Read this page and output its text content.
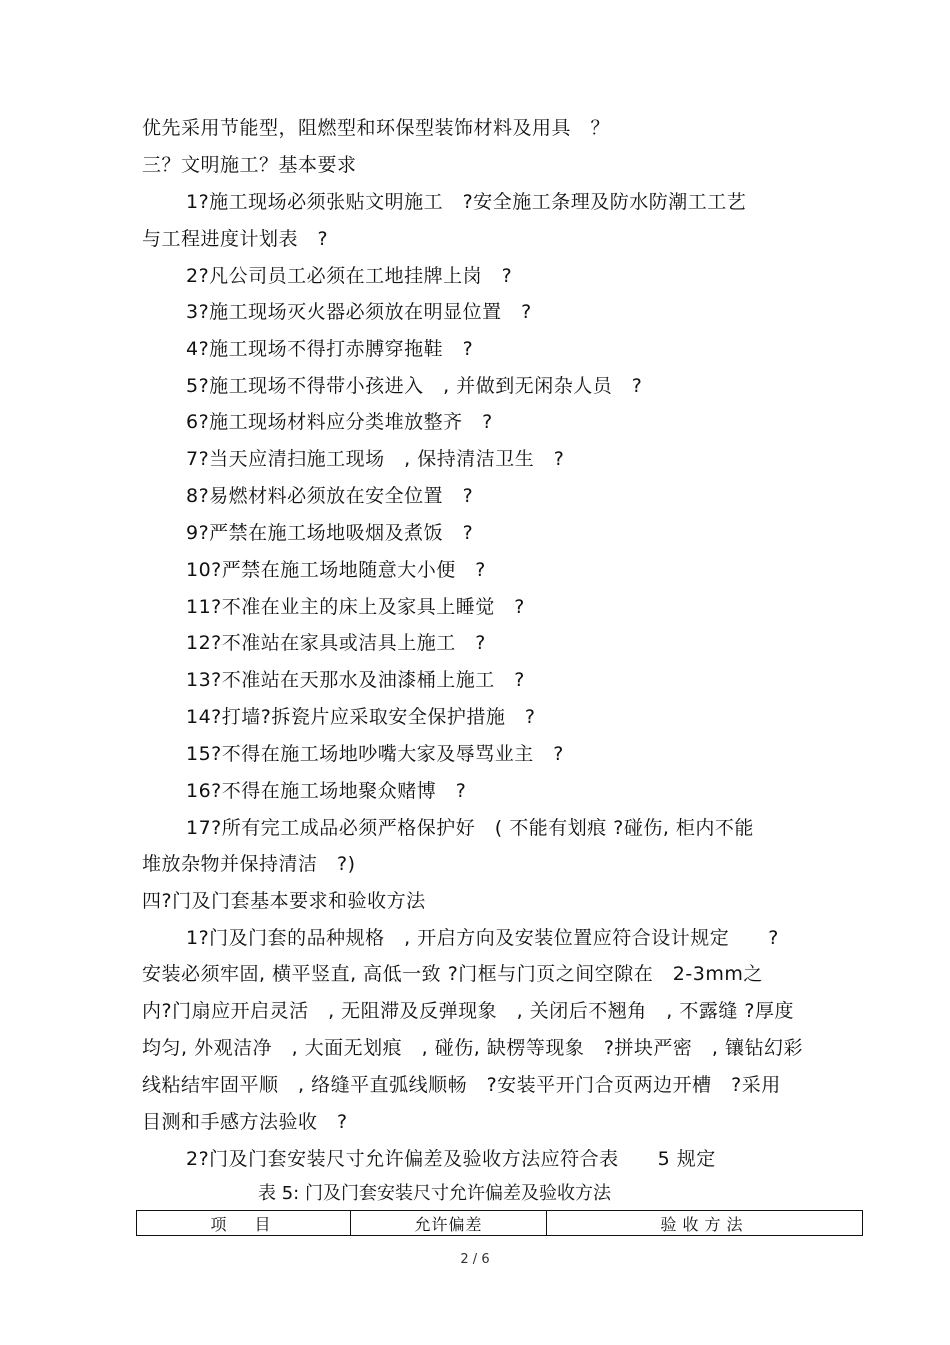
优先采用节能型，阻燃型和环保型装饰材料及用具　？
三？文明施工？基本要求
1?施工现场必须张贴文明施工　?安全施工条理及防水防潮工工艺
与工程进度计划表　?
2?凡公司员工必须在工地挂牌上岗　?
3?施工现场灭火器必须放在明显位置　?
4?施工现场不得打赤膊穿拖鞋　?
5?施工现场不得带小孩进入　, 并做到无闲杂人员　?
6?施工现场材料应分类堆放整齐　?
7?当天应清扫施工现场　, 保持清洁卫生　?
8?易燃材料必须放在安全位置　?
9?严禁在施工场地吸烟及煮饭　?
10?严禁在施工场地随意大小便　?
11?不准在业主的床上及家具上睡觉　?
12?不准站在家具或洁具上施工　?
13?不准站在天那水及油漆桶上施工　?
14?打墙?拆瓷片应采取安全保护措施　?
15?不得在施工场地吵嘴大家及辱骂业主　?
16?不得在施工场地聚众赌博　?
17?所有完工成品必须严格保护好　( 不能有划痕 ?碰伤, 柜内不能
堆放杂物并保持清洁　?)
四?门及门套基本要求和验收方法
1?门及门套的品种规格　, 开启方向及安装位置应符合设计规定　　?
安装必须牢固, 横平竖直, 高低一致 ?门框与门页之间空隙在　2-3mm之
内?门扇应开启灵活　, 无阻滞及反弹现象　, 关闭后不翘角　, 不露缝 ?厚度
均匀, 外观洁净　, 大面无划痕　, 碰伤, 缺楞等现象　?拼块严密　, 镶钻幻彩
线粘结牢固平顺　, 络缝平直弧线顺畅　?安装平开门合页两边开槽　?采用
目测和手感方法验收　?
2?门及门套安装尺寸允许偏差及验收方法应符合表　　5 规定
表 5: 门及门套安装尺寸允许偏差及验收方法
项　目	允许偏差	验收方法
2 / 6
